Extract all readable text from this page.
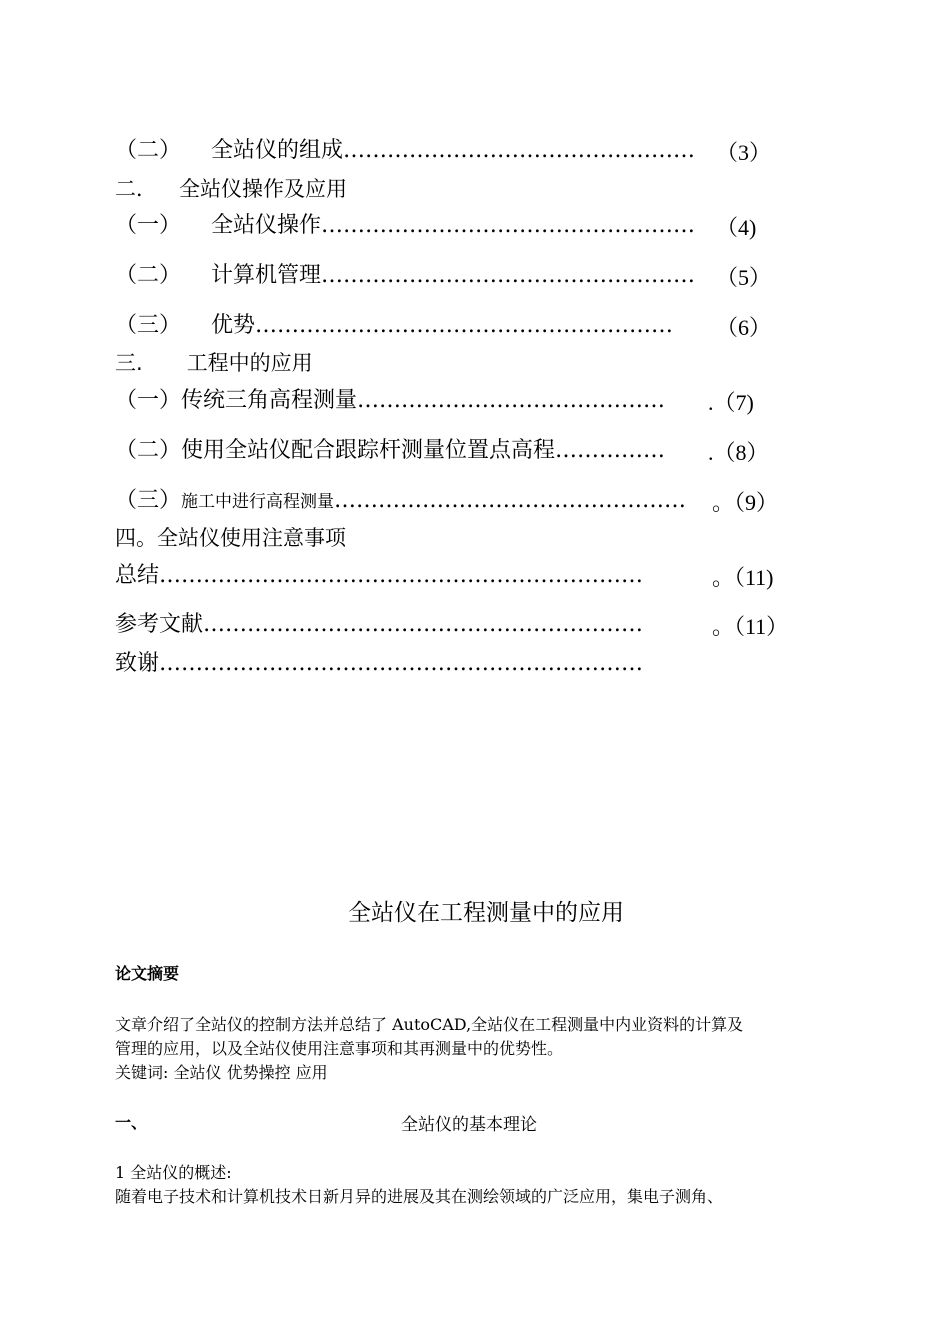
（二） 全站仪的组成………………………………………… （3）
二． 全站仪操作及应用
（一） 全站仪操作…………………………………………… （4)
（二） 计算机管理…………………………………………… （5）
（三） 优势………………………………………………… （6）
三. 工程中的应用
（一）传统三角高程测量…………………………………… .（7)
（二）使用全站仪配合跟踪杆测量位置点高程…………… .（8）
（三）施工中进行高程测量………………………………………… 。（9）
四。全站仪使用注意事项
总结…………………………………………………………	。（11)
参考文献……………………………………………………	。（11）
致谢…………………………………………………………
全站仪在工程测量中的应用
论文摘要
文章介绍了全站仪的控制方法并总结了 AutoCAD,全站仪在工程测量中内业资料的计算及
管理的应用，以及全站仪使用注意事项和其再测量中的优势性。
关键词: 全站仪 优势操控 应用
一、	全站仪的基本理论
1 全站仪的概述:
随着电子技术和计算机技术日新月异的进展及其在测绘领域的广泛应用，集电子测角、
